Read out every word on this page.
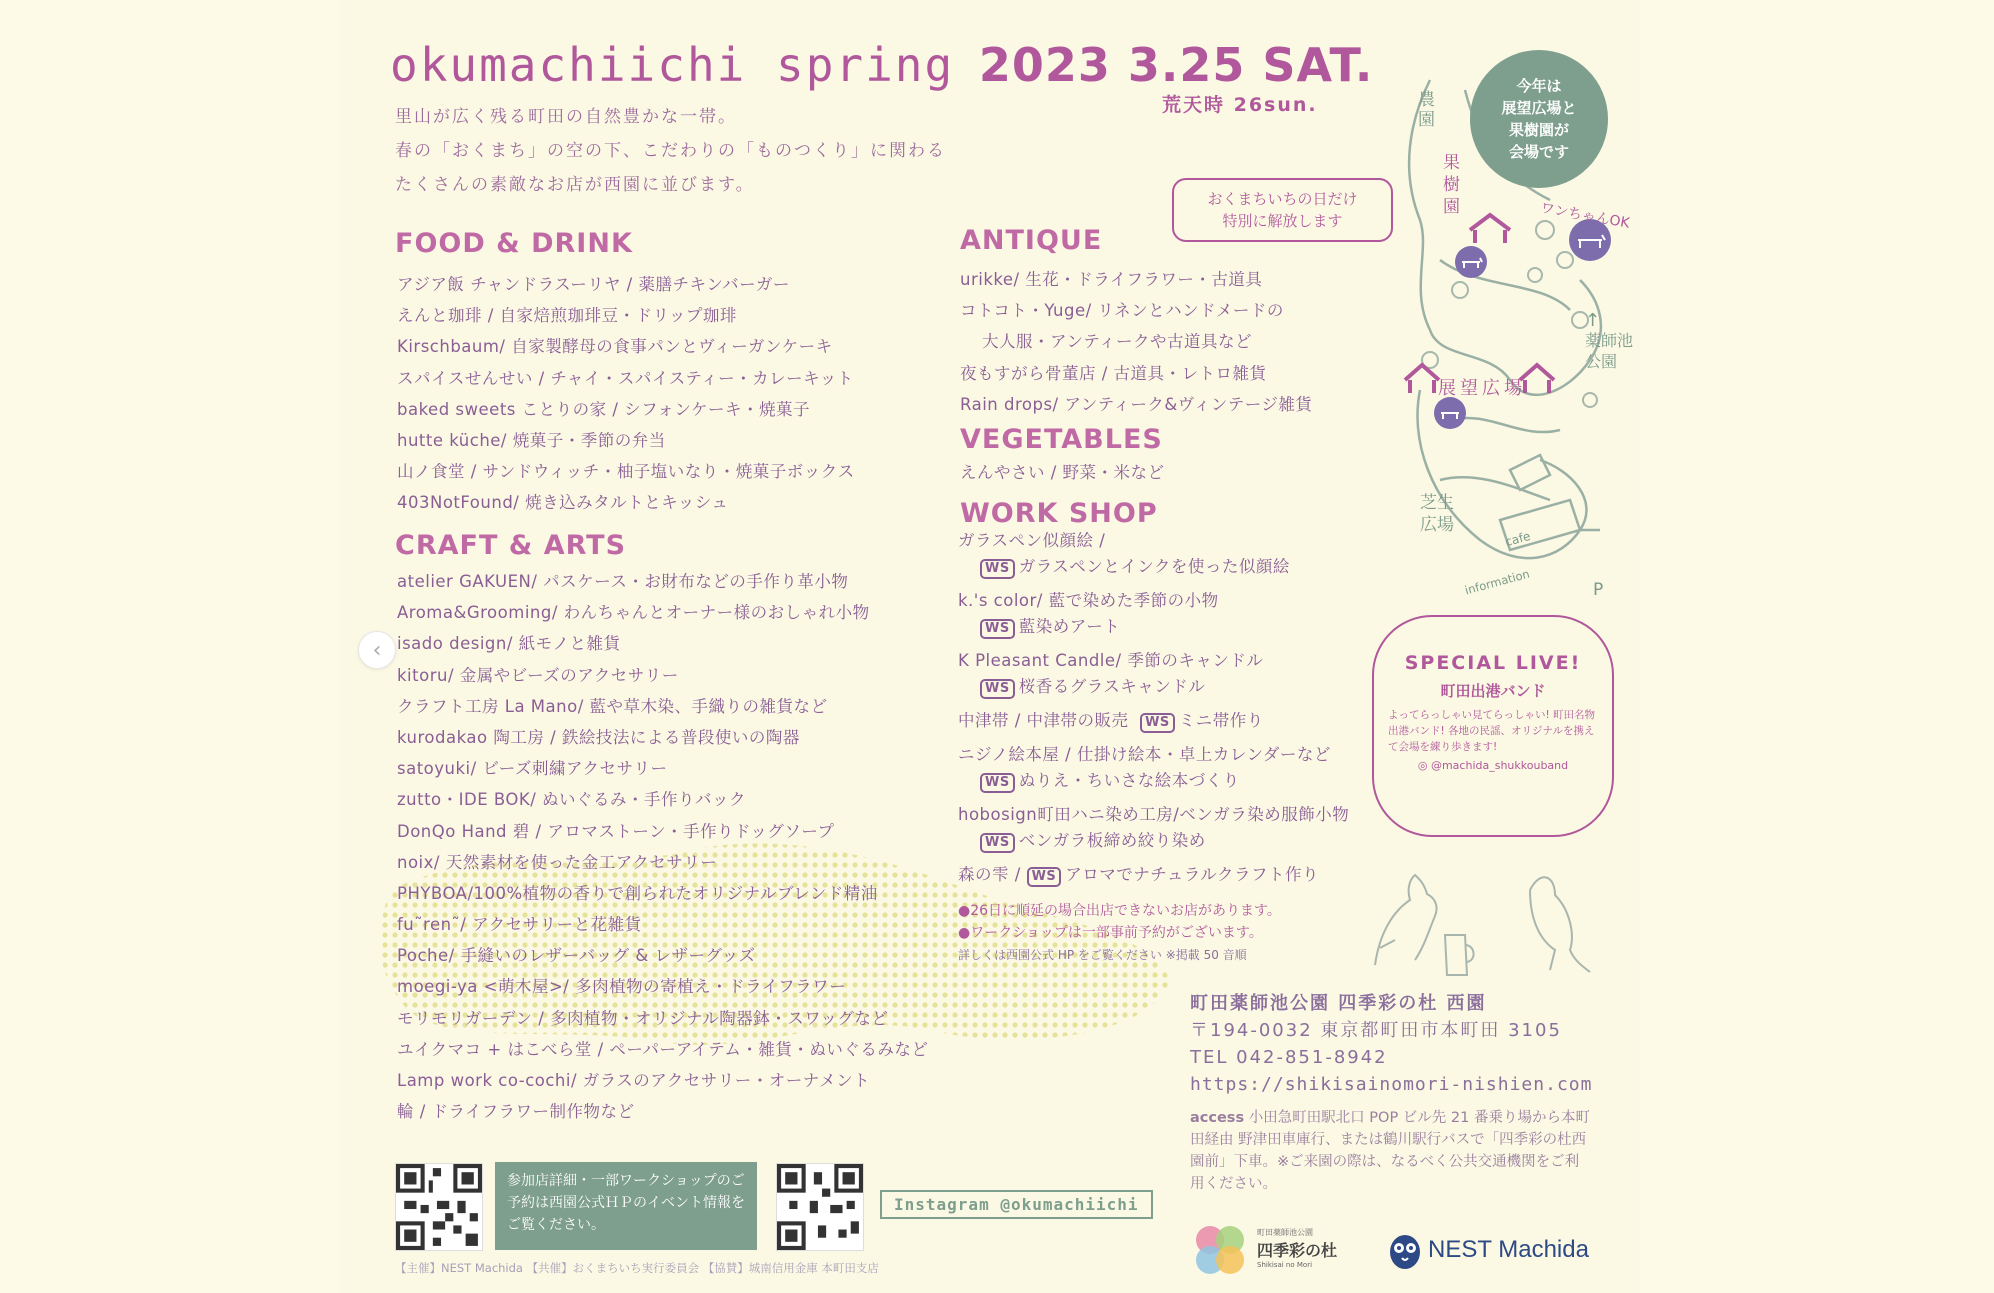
okumachiichi spring 2023 3.25 SAT.
荒天時 26sun.
里山が広く残る町田の自然豊かな一帯。
春の「おくまち」の空の下、こだわりの「ものつくり」に関わる
たくさんの素敵なお店が西園に並びます。
FOOD & DRINK
アジア飯 チャンドラスーリヤ / 薬膳チキンバーガー
えんと珈琲 / 自家焙煎珈琲豆・ドリップ珈琲
Kirschbaum/ 自家製酵母の食事パンとヴィーガンケーキ
スパイスせんせい / チャイ・スパイスティー・カレーキット
baked sweets ことりの家 / シフォンケーキ・焼菓子
hutte küche/ 焼菓子・季節の弁当
山ノ食堂 / サンドウィッチ・柚子塩いなり・焼菓子ボックス
403NotFound/ 焼き込みタルトとキッシュ
CRAFT & ARTS
atelier GAKUEN/ パスケース・お財布などの手作り革小物
Aroma&Grooming/ わんちゃんとオーナー様のおしゃれ小物
isado design/ 紙モノと雑貨
kitoru/ 金属やビーズのアクセサリー
クラフト工房 La Mano/ 藍や草木染、手織りの雑貨など
kurodakao 陶工房 / 鉄絵技法による普段使いの陶器
satoyuki/ ビーズ刺繍アクセサリー
zutto・IDE BOK/ ぬいぐるみ・手作りバック
DonQo Hand 碧 / アロマストーン・手作りドッグソープ
noix/ 天然素材を使った金工アクセサリー
PHYBOA/100%植物の香りで創られたオリジナルブレンド精油
fu˜ren˜/ アクセサリーと花雑貨
Poche/ 手縫いのレザーバッグ & レザーグッズ
moegi-ya <萌木屋>/ 多肉植物の寄植え・ドライフラワー
モリモリガーデン / 多肉植物・オリジナル陶器鉢・スワッグなど
ユイクマコ + はこべら堂 / ペーパーアイテム・雑貨・ぬいぐるみなど
Lamp work co-cochi/ ガラスのアクセサリー・オーナメント
輪 / ドライフラワー制作物など
ANTIQUE
urikke/ 生花・ドライフラワー・古道具
コトコト・Yuge/ リネンとハンドメードの
大人服・アンティークや古道具など
夜もすがら骨董店 / 古道具・レトロ雑貨
Rain drops/ アンティーク&ヴィンテージ雑貨
VEGETABLES
えんやさい / 野菜・米など
WORK SHOP
ガラスペン似顔絵 /
WS ガラスペンとインクを使った似顔絵
k.'s color/ 藍で染めた季節の小物
WS 藍染めアート
K Pleasant Candle/ 季節のキャンドル
WS 桜香るグラスキャンドル
中津帯 / 中津帯の販売 WS ミニ帯作り
ニジノ絵本屋 / 仕掛け絵本・卓上カレンダーなど
WS ぬりえ・ちいさな絵本づくり
hobosign町田ハニ染め工房/ベンガラ染め服飾小物
WS ベンガラ板締め絞り染め
森の雫 / WS アロマでナチュラルクラフト作り
●26日に順延の場合出店できないお店があります。
●ワークショップは一部事前予約がございます。
詳しくは西園公式 HP をご覧ください ※掲載 50 音順
農園
果樹園	ワンちゃんOK
薬師池公園
↑
展望広場
芝生広場
cafe
information	P
今年は
展望広場と
果樹園が
会場です
おくまちいちの日だけ
特別に解放します
SPECIAL LIVE!
町田出港バンド
よってらっしゃい見てらっしゃい! 町田名物出港バンド! 各地の民謡、オリジナルを携えて会場を練り歩きます!
◎ @machida_shukkouband
町田薬師池公園 四季彩の杜 西園
〒194-0032 東京都町田市本町田 3105
TEL 042-851-8942
https://shikisainomori-nishien.com
access 小田急町田駅北口 POP ビル先 21 番乗り場から本町田経由 野津田車庫行、または鶴川駅行バスで「四季彩の杜西園前」下車。※ご来園の際は、なるべく公共交通機関をご利用ください。
参加店詳細・一部ワークショップのご予約は西園公式ＨＰのイベント情報をご覧ください。
Instagram @okumachiichi
【主催】NEST Machida 【共催】おくまちいち実行委員会 【協賛】城南信用金庫 本町田支店
町田薬師池公園
四季彩の杜
Shikisai no Mori
NEST Machida
‹
